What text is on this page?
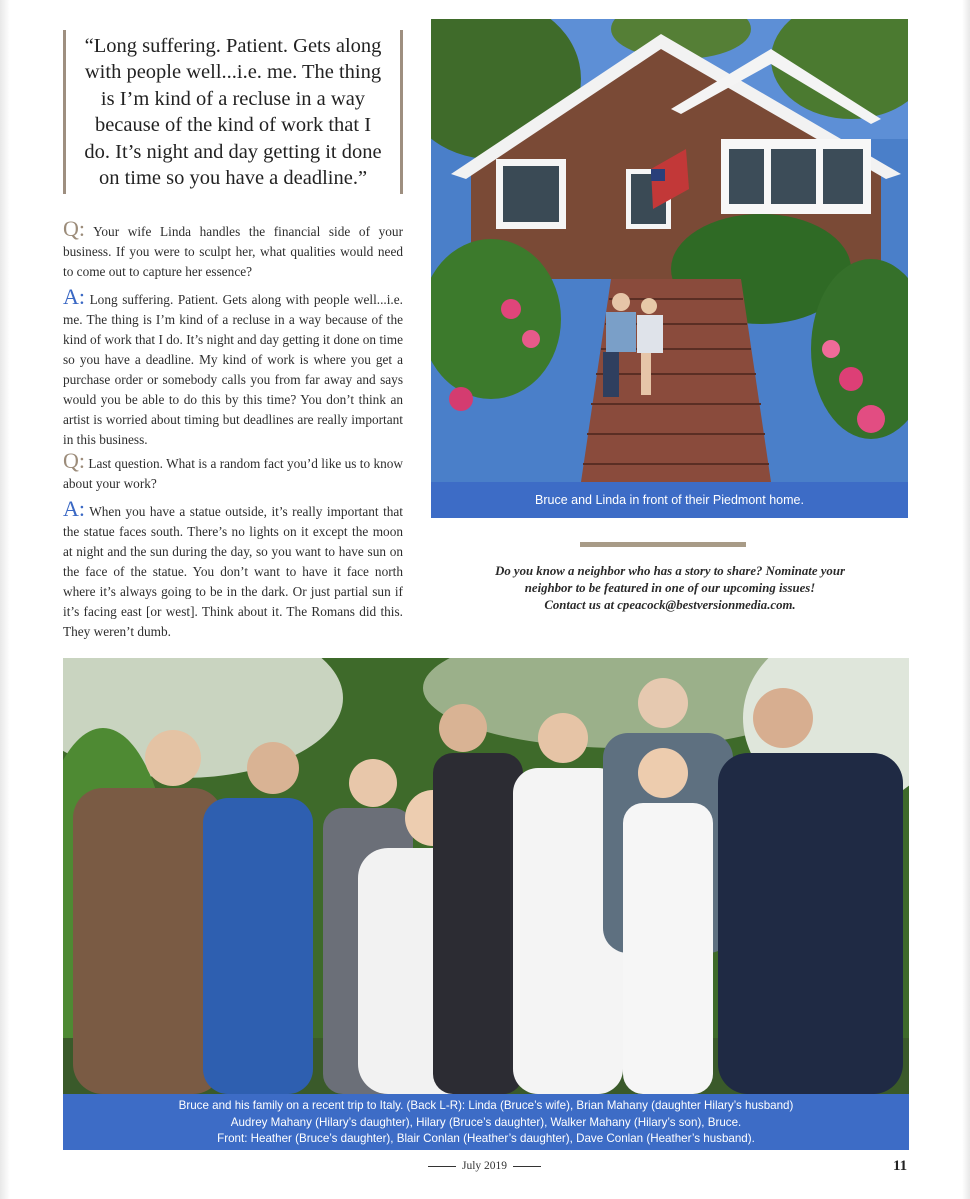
“Long suffering. Patient. Gets along with people well...i.e. me. The thing is I’m kind of a recluse in a way because of the kind of work that I do. It’s night and day getting it done on time so you have a deadline.”

Q: Your wife Linda handles the financial side of your business. If you were to sculpt her, what qualities would need to come out to capture her essence?

A: Long suffering. Patient. Gets along with people well...i.e. me. The thing is I’m kind of a recluse in a way because of the kind of work that I do. It’s night and day getting it done on time so you have a deadline. My kind of work is where you get a purchase order or somebody calls you from far away and says would you be able to do this by this time? You don’t think an artist is worried about timing but deadlines are really important in this business.

Q: Last question. What is a random fact you’d like us to know about your work?

A: When you have a statue outside, it’s really important that the statue faces south. There’s no lights on it except the moon at night and the sun during the day, so you want to have sun on the face of the statue. You don’t want to have it face north where it’s always going to be in the dark. Or just partial sun if it’s facing east [or west]. Think about it. The Romans did this. They weren’t dumb.

Bruce and Linda in front of their Piedmont home.
Do you know a neighbor who has a story to share? Nominate your
neighbor to be featured in one of our upcoming issues!
Contact us at cpeacock@bestversionmedia.com.
Bruce and his family on a recent trip to Italy. (Back L-R): Linda (Bruce’s wife), Brian Mahany (daughter Hilary’s husband)
Audrey Mahany (Hilary’s daughter), Hilary (Bruce’s daughter), Walker Mahany (Hilary’s son), Bruce.
Front: Heather (Bruce’s daughter), Blair Conlan (Heather’s daughter), Dave Conlan (Heather’s husband).
July 2019	11
